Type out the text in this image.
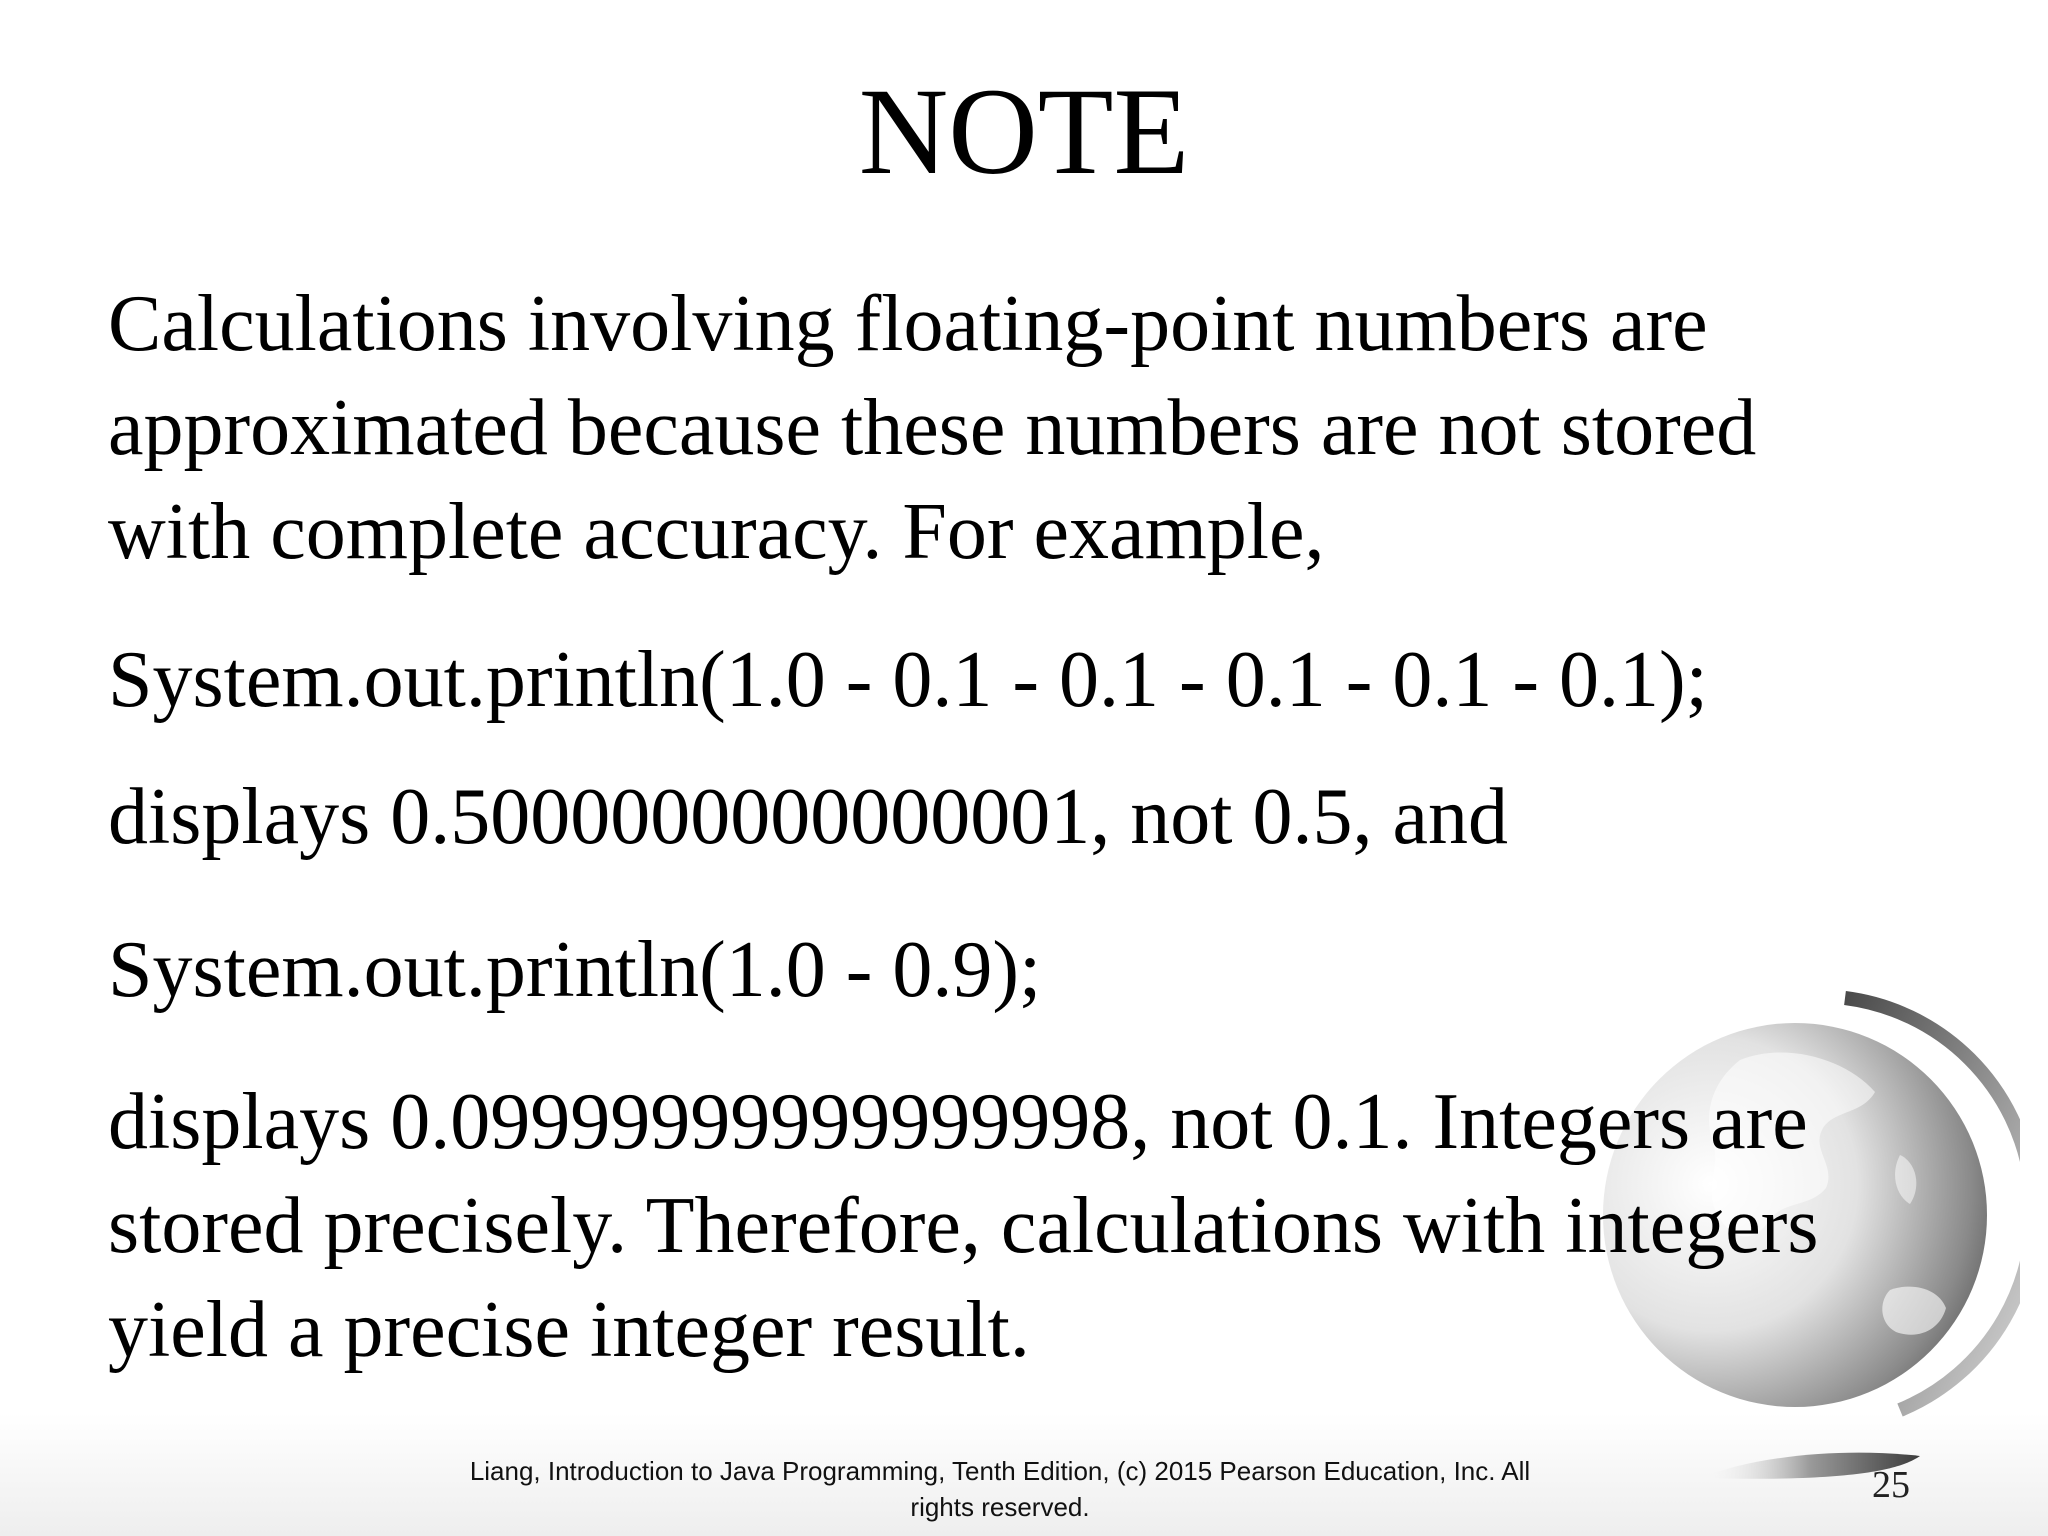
NOTE
Calculations involving floating-point numbers are
approximated because these numbers are not stored
with complete accuracy. For example,
System.out.println(1.0 - 0.1 - 0.1 - 0.1 - 0.1 - 0.1);
displays 0.5000000000000001, not 0.5, and
System.out.println(1.0 - 0.9);
displays 0.09999999999999998, not 0.1. Integers are
stored precisely. Therefore, calculations with integers
yield a precise integer result.
Liang, Introduction to Java Programming, Tenth Edition, (c) 2015 Pearson Education, Inc. All
rights reserved.
25
